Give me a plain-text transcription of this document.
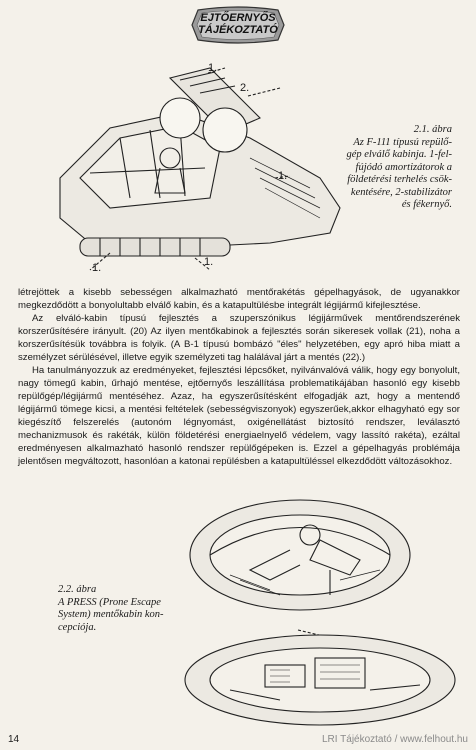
EJTŐERNYŐS
TÁJÉKOZTATÓ
1.
2.
1.
1.	1.
2.1. ábra
Az F-111 típusú repülő-
gép elválő kabinja. 1-fel-
fújódó amortizátorok a
földetérési terhelés csök-
kentésére, 2-stabilizátor
és fékernyő.

létrejöttek a kisebb sebességen alkalmazható mentőrakétás gépelhagyások, de ugyanakkor megkezdődött a bonyolultabb elválő kabin, és a katapultülésbe integrált légijármű kifejlesztése.

Az elváló-kabin típusú fejlesztés a szuperszónikus légijárművek mentőrendszerének korszerűsítésére irányult. (20) Az ilyen mentőkabinok a fejlesztés során sikeresek vollak (21), noha a korszerűsítésük továbbra is folyik. (A B-1 típusú bombázó "éles" helyzetében, egy apró hiba miatt a személyzet sérülésével, illetve egyik személyzeti tag halálával járt a mentés (22).)

Ha tanulmányozzuk az eredményeket, fejlesztési lépcsőket, nyilvánvalóvá válik, hogy egy bonyolult, nagy tömegű kabin, űrhajó mentése, ejtőernyős leszállítása problematikájában hasonló egy kisebb repülőgép/légijármű mentéséhez. Azaz, ha egyszerűsítésként elfogadják azt, hogy a mentendő légijármű tömege kicsi, a mentési feltételek (sebességviszonyok) egyszerűek,akkor elhagyható egy sor kiegészítő felszerelés (autonóm légnyomást, oxigénellátást biztosító rendszer, leválasztó mechanizmusok és rakéták, külön földetérési energiaelnyelő védelem, vagy lassító rakéta), ezáltal eredményesen alkalmazható hasonló rendszer repülőgépeken is. Ezzel a gépelhagyás problémája jelentősen megváltozott, hasonlóan a katonai repülésben a katapultüléssel elkezdődött változásokhoz.

2.2. ábra
A PRESS (Prone Escape
System) mentőkabin kon-
cepciója.
14	LRI Tájékoztató / www.felhout.hu
